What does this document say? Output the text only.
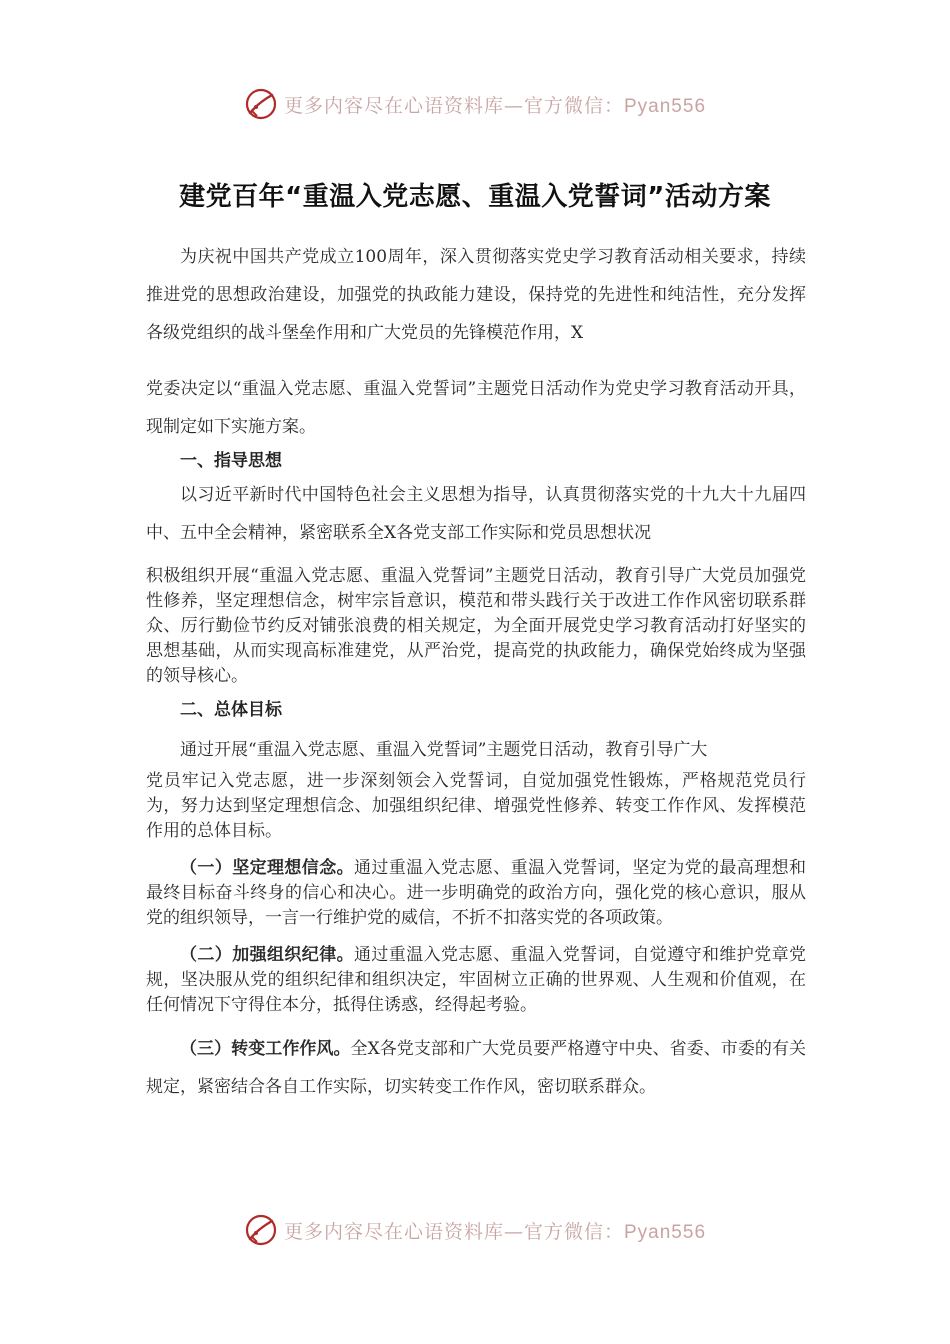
更多内容尽在心语资料库—官方微信：Pyan556
建党百年“重温入党志愿、重温入党誓词”活动方案

为庆祝中国共产党成立100周年，深入贯彻落实党史学习教育活动相关要求，持续推进党的思想政治建设，加强党的执政能力建设，保持党的先进性和纯洁性，充分发挥各级党组织的战斗堡垒作用和广大党员的先锋模范作用，X

党委决定以“重温入党志愿、重温入党誓词”主题党日活动作为党史学习教育活动开具，现制定如下实施方案。

一、指导思想

以习近平新时代中国特色社会主义思想为指导，认真贯彻落实党的十九大十九届四中、五中全会精神，紧密联系全X各党支部工作实际和党员思想状况

积极组织开展“重温入党志愿、重温入党誓词”主题党日活动，教育引导广大党员加强党性修养，坚定理想信念，树牢宗旨意识，模范和带头践行关于改进工作作风密切联系群众、厉行勤俭节约反对铺张浪费的相关规定，为全面开展党史学习教育活动打好坚实的思想基础，从而实现高标准建党，从严治党，提高党的执政能力，确保党始终成为坚强的领导核心。

二、总体目标

通过开展“重温入党志愿、重温入党誓词”主题党日活动，教育引导广大

党员牢记入党志愿，进一步深刻领会入党誓词，自觉加强党性锻炼，严格规范党员行为，努力达到坚定理想信念、加强组织纪律、增强党性修养、转变工作作风、发挥模范作用的总体目标。

（一）坚定理想信念。通过重温入党志愿、重温入党誓词，坚定为党的最高理想和最终目标奋斗终身的信心和决心。进一步明确党的政治方向，强化党的核心意识，服从党的组织领导，一言一行维护党的威信，不折不扣落实党的各项政策。

（二）加强组织纪律。通过重温入党志愿、重温入党誓词，自觉遵守和维护党章党规，坚决服从党的组织纪律和组织决定，牢固树立正确的世界观、人生观和价值观，在任何情况下守得住本分，抵得住诱惑，经得起考验。

（三）转变工作作风。全X各党支部和广大党员要严格遵守中央、省委、市委的有关规定，紧密结合各自工作实际，切实转变工作作风，密切联系群众。

更多内容尽在心语资料库—官方微信：Pyan556
